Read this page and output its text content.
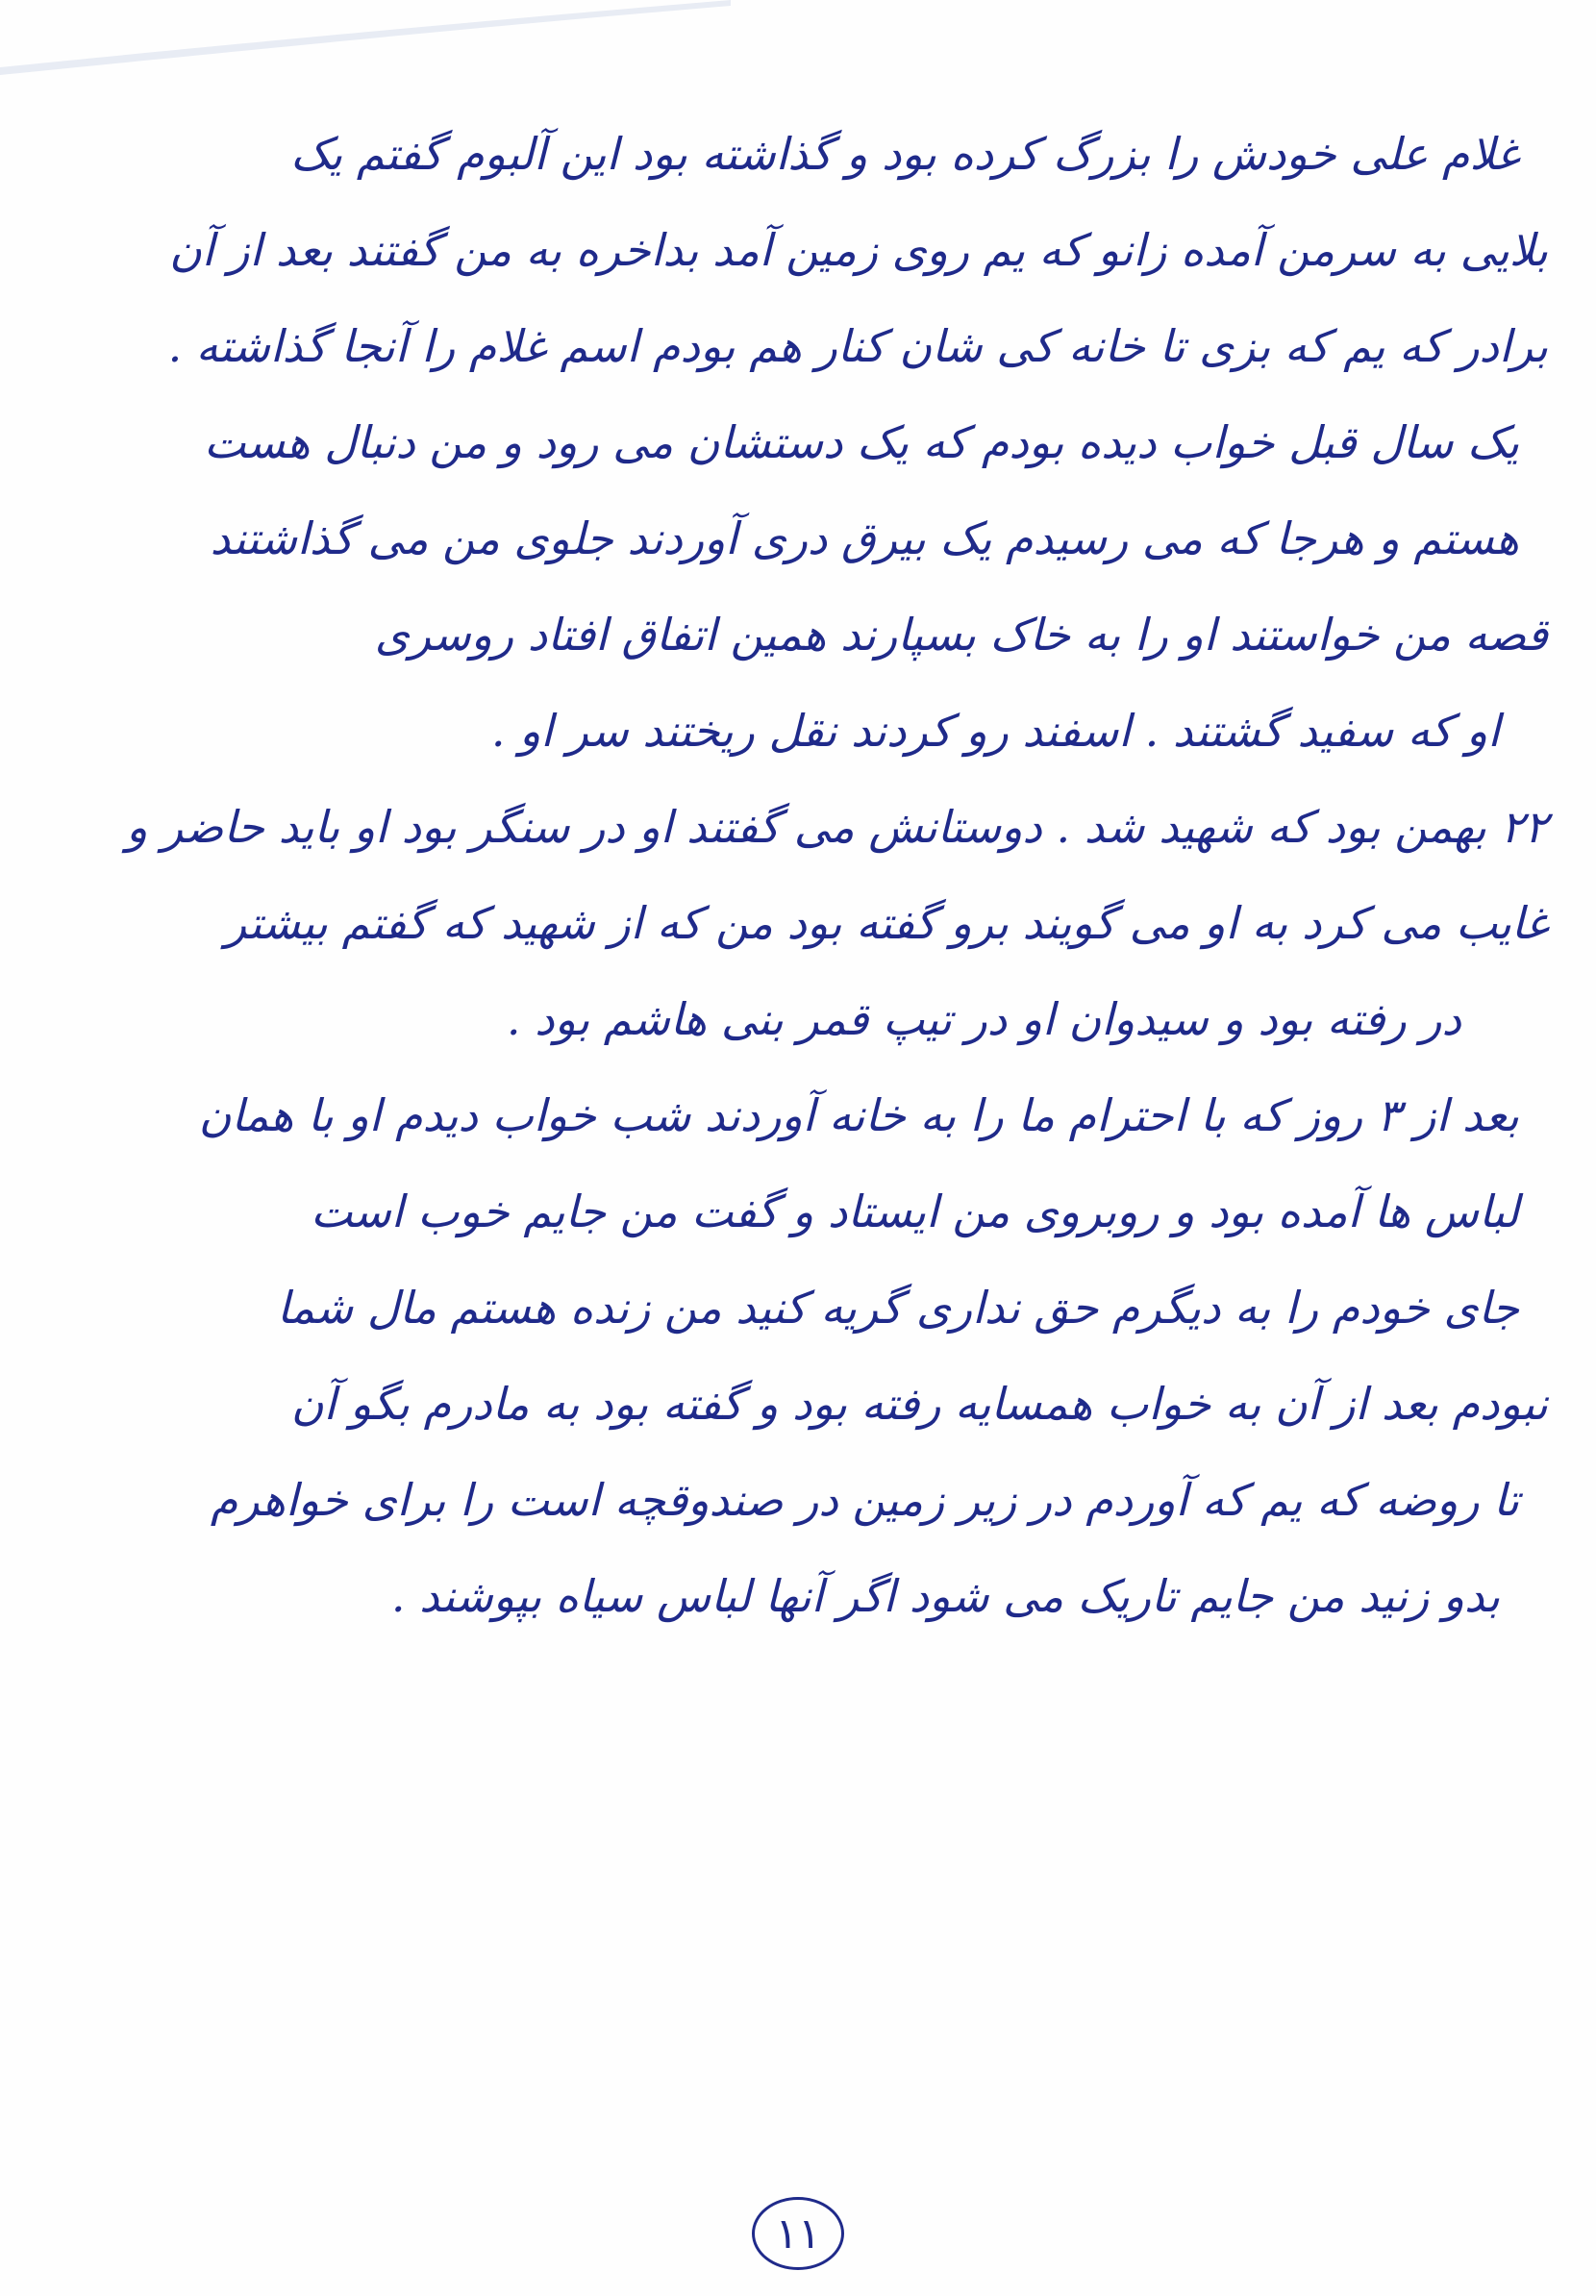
غلام علی خودش را بزرگ کرده بود و گذاشته بود این آلبوم گفتم یک
بلایی به سرمن آمده زانو که یم روی زمین آمد بداخره به من گفتند بعد از آن
برادر که یم که بزی تا خانه کی شان کنار هم بودم اسم غلام را آنجا گذاشته .
یک سال قبل خواب دیده بودم که یک دستشان می رود و من دنبال هست
هستم و هرجا که می رسیدم یک بیرق دری آوردند جلوی من می گذاشتند
قصه من خواستند او را به خاک بسپارند همین اتفاق افتاد روسری
او که سفید گشتند . اسفند رو کردند نقل ریختند سر او .
۲۲ بهمن بود که شهید شد . دوستانش می گفتند او در سنگر بود او باید حاضر و
غایب می کرد به او می گویند برو گفته بود من که از شهید که گفتم بیشتر
در رفته بود و سیدوان او در تیپ قمر بنی هاشم بود .
بعد از ۳ روز که با احترام ما را به خانه آوردند شب خواب دیدم او با همان
لباس ها آمده بود و روبروی من ایستاد و گفت من جایم خوب است
جای خودم را به دیگرم حق نداری گریه کنید من زنده هستم مال شما
نبودم بعد از آن به خواب همسایه رفته بود و گفته بود به مادرم بگو آن
تا روضه که یم که آوردم در زیر زمین در صندوقچه است را برای خواهرم
بدو زنید من جایم تاریک می شود اگر آنها لباس سیاه بپوشند .
۱۱
